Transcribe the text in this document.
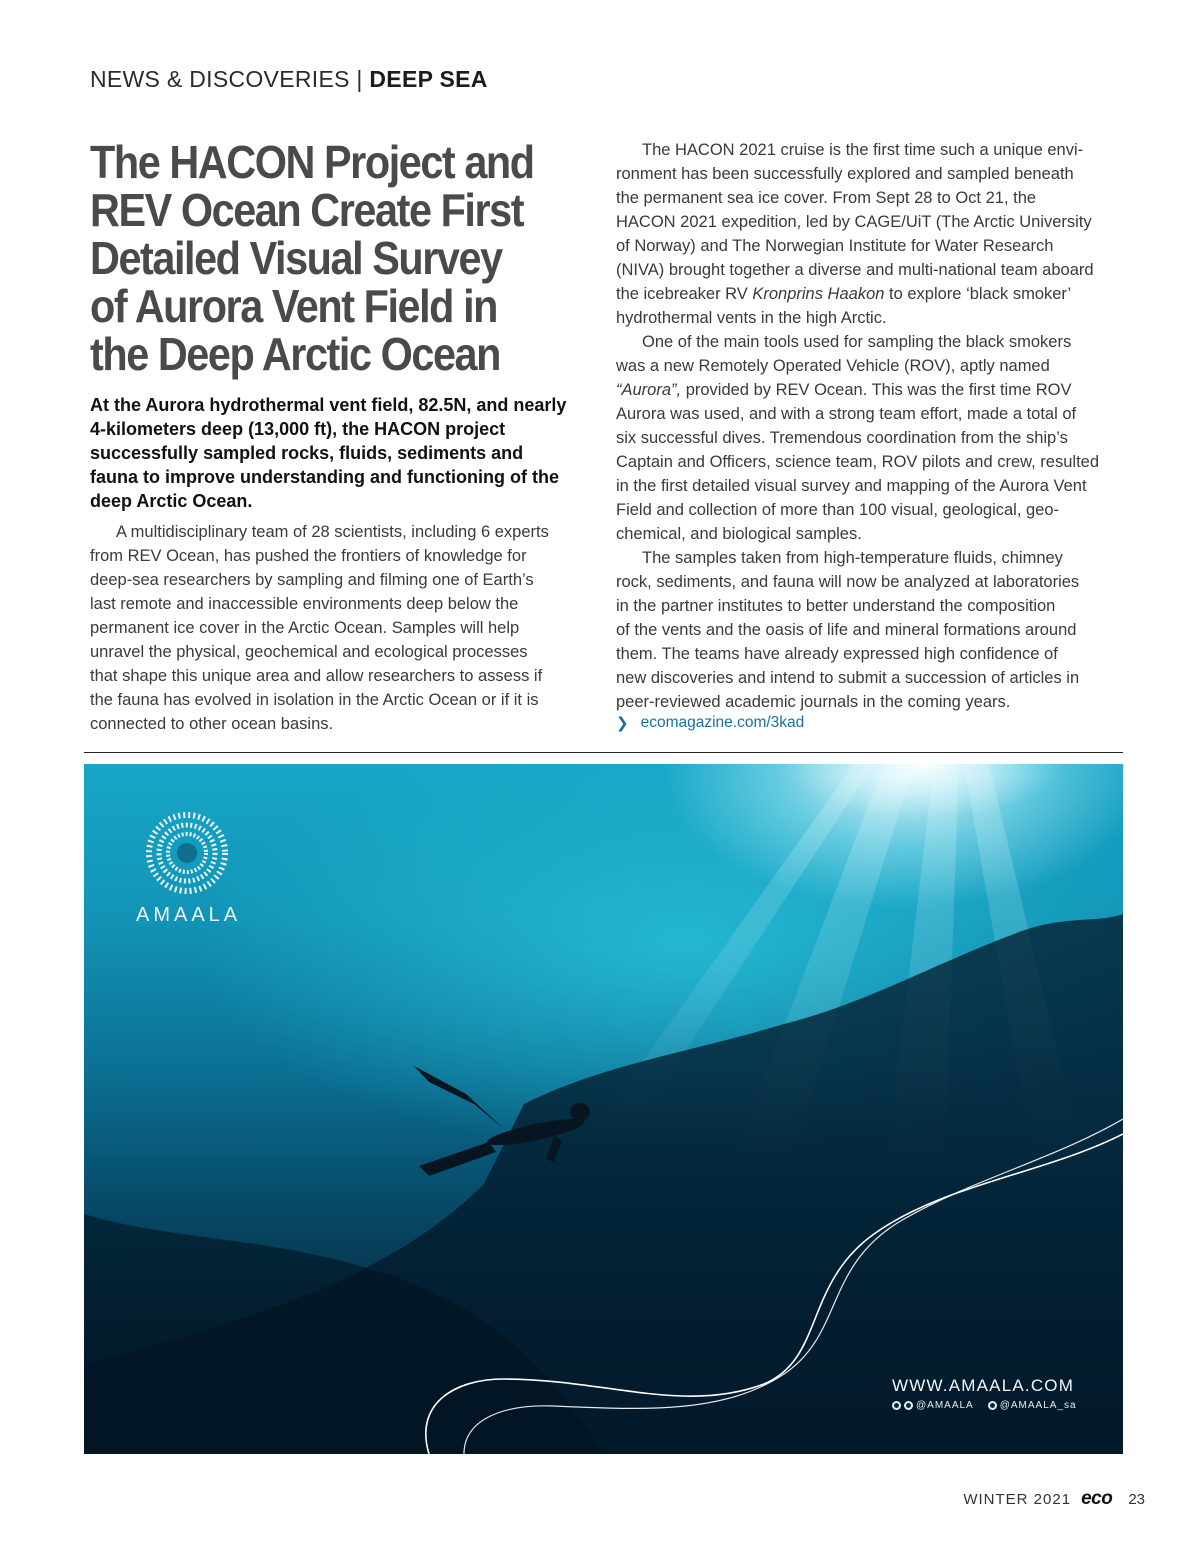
NEWS & DISCOVERIES | DEEP SEA
The HACON Project and
REV Ocean Create First
Detailed Visual Survey
of Aurora Vent Field in
the Deep Arctic Ocean

At the Aurora hydrothermal vent field, 82.5N, and nearly 4-kilometers deep (13,000 ft), the HACON project successfully sampled rocks, fluids, sediments and fauna to improve understanding and functioning of the deep Arctic Ocean.

A multidisciplinary team of 28 scientists, including 6 experts
from REV Ocean, has pushed the frontiers of knowledge for
deep-sea researchers by sampling and filming one of Earth’s
last remote and inaccessible environments deep below the
permanent ice cover in the Arctic Ocean. Samples will help
unravel the physical, geochemical and ecological processes
that shape this unique area and allow researchers to assess if
the fauna has evolved in isolation in the Arctic Ocean or if it is
connected to other ocean basins.
The HACON 2021 cruise is the first time such a unique envi-
ronment has been successfully explored and sampled beneath
the permanent sea ice cover. From Sept 28 to Oct 21, the
HACON 2021 expedition, led by CAGE/UiT (The Arctic University
of Norway) and The Norwegian Institute for Water Research
(NIVA) brought together a diverse and multi-national team aboard
the icebreaker RV Kronprins Haakon to explore ‘black smoker’
hydrothermal vents in the high Arctic.
One of the main tools used for sampling the black smokers
was a new Remotely Operated Vehicle (ROV), aptly named
“Aurora”, provided by REV Ocean. This was the first time ROV
Aurora was used, and with a strong team effort, made a total of
six successful dives. Tremendous coordination from the ship’s
Captain and Officers, science team, ROV pilots and crew, resulted
in the first detailed visual survey and mapping of the Aurora Vent
Field and collection of more than 100 visual, geological, geo-
chemical, and biological samples.
The samples taken from high-temperature fluids, chimney
rock, sediments, and fauna will now be analyzed at laboratories
in the partner institutes to better understand the composition
of the vents and the oasis of life and mineral formations around
them. The teams have already expressed high confidence of
new discoveries and intend to submit a succession of articles in
peer-reviewed academic journals in the coming years.
❯ ecomagazine.com/3kad
AMAALA
WWW.AMAALA.COM
@AMAALA	@AMAALA_sa
WINTER 2021 eco 23
